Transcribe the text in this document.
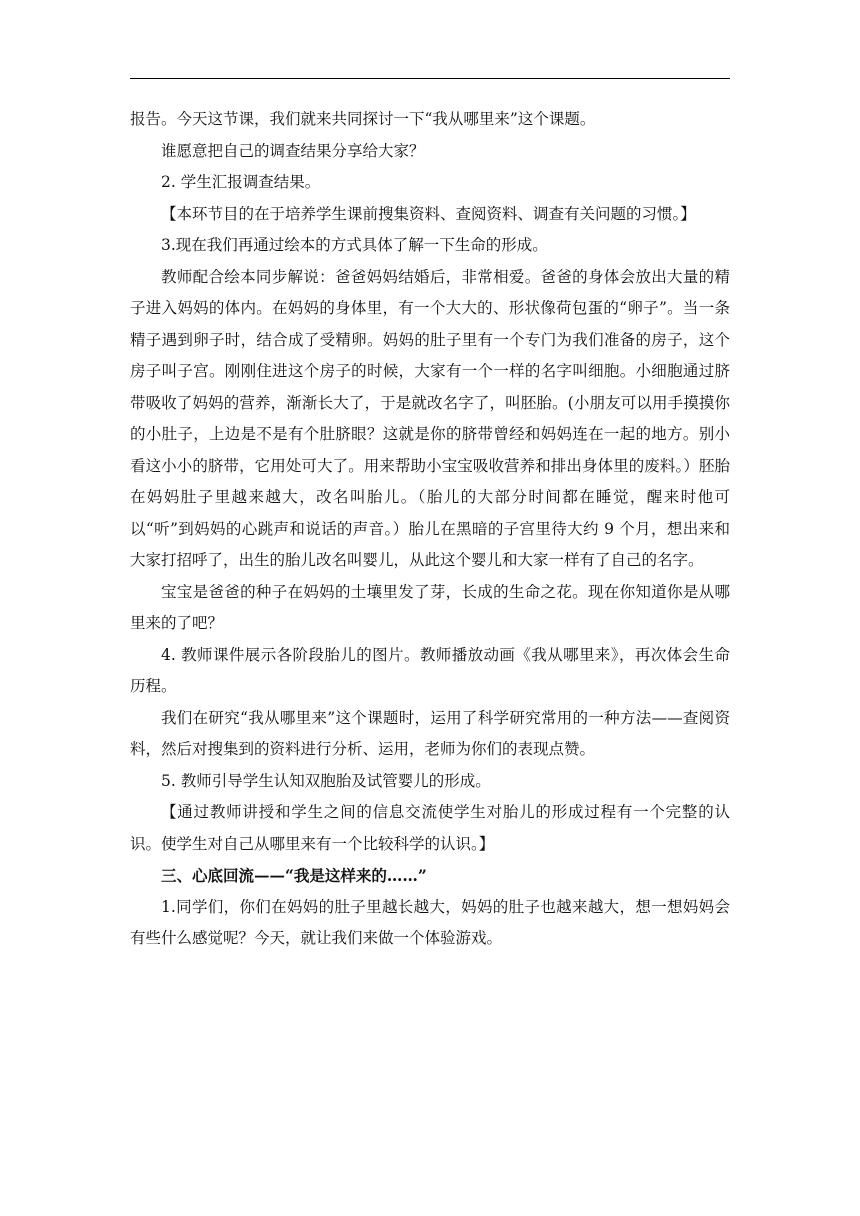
报告。今天这节课，我们就来共同探讨一下“我从哪里来”这个课题。

谁愿意把自己的调查结果分享给大家？

2. 学生汇报调查结果。

【本环节目的在于培养学生课前搜集资料、查阅资料、调查有关问题的习惯。】

3.现在我们再通过绘本的方式具体了解一下生命的形成。

教师配合绘本同步解说：爸爸妈妈结婚后，非常相爱。爸爸的身体会放出大量的精子进入妈妈的体内。在妈妈的身体里，有一个大大的、形状像荷包蛋的“卵子”。当一条精子遇到卵子时，结合成了受精卵。妈妈的肚子里有一个专门为我们准备的房子，这个房子叫子宫。刚刚住进这个房子的时候，大家有一个一样的名字叫细胞。小细胞通过脐带吸收了妈妈的营养，渐渐长大了，于是就改名字了，叫胚胎。(小朋友可以用手摸摸你的小肚子，上边是不是有个肚脐眼？这就是你的脐带曾经和妈妈连在一起的地方。别小看这小小的脐带，它用处可大了。用来帮助小宝宝吸收营养和排出身体里的废料。）胚胎在妈妈肚子里越来越大，改名叫胎儿。（胎儿的大部分时间都在睡觉，醒来时他可以“听”到妈妈的心跳声和说话的声音。）胎儿在黑暗的子宫里待大约 9 个月，想出来和大家打招呼了，出生的胎儿改名叫婴儿，从此这个婴儿和大家一样有了自己的名字。

宝宝是爸爸的种子在妈妈的土壤里发了芽，长成的生命之花。现在你知道你是从哪里来的了吧？

4. 教师课件展示各阶段胎儿的图片。教师播放动画《我从哪里来》，再次体会生命历程。

我们在研究“我从哪里来”这个课题时，运用了科学研究常用的一种方法——查阅资料，然后对搜集到的资料进行分析、运用，老师为你们的表现点赞。

5. 教师引导学生认知双胞胎及试管婴儿的形成。

【通过教师讲授和学生之间的信息交流使学生对胎儿的形成过程有一个完整的认识。使学生对自己从哪里来有一个比较科学的认识。】

三、心底回流——“我是这样来的……”

1.同学们，你们在妈妈的肚子里越长越大，妈妈的肚子也越来越大，想一想妈妈会有些什么感觉呢？今天，就让我们来做一个体验游戏。
